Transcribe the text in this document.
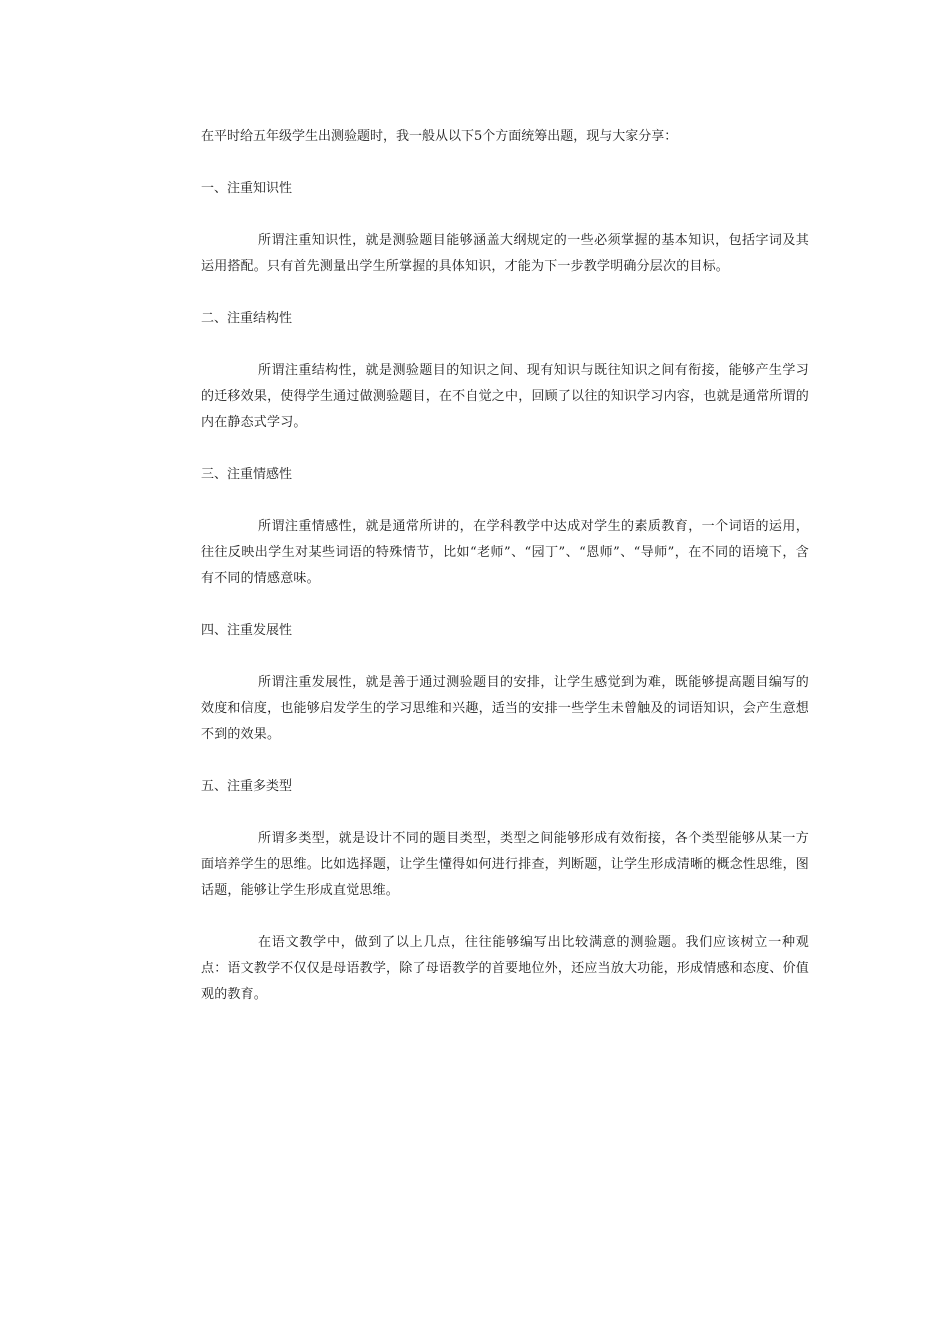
在平时给五年级学生出测验题时，我一般从以下5个方面统筹出题，现与大家分享：

一、注重知识性

所谓注重知识性，就是测验题目能够涵盖大纲规定的一些必须掌握的基本知识，包括字词及其运用搭配。只有首先测量出学生所掌握的具体知识，才能为下一步教学明确分层次的目标。

二、注重结构性

所谓注重结构性，就是测验题目的知识之间、现有知识与既往知识之间有衔接，能够产生学习的迁移效果，使得学生通过做测验题目，在不自觉之中，回顾了以往的知识学习内容，也就是通常所谓的内在静态式学习。

三、注重情感性

所谓注重情感性，就是通常所讲的，在学科教学中达成对学生的素质教育，一个词语的运用，往往反映出学生对某些词语的特殊情节，比如“老师”、“园丁”、“恩师”、“导师”，在不同的语境下，含有不同的情感意味。

四、注重发展性

所谓注重发展性，就是善于通过测验题目的安排，让学生感觉到为难，既能够提高题目编写的效度和信度，也能够启发学生的学习思维和兴趣，适当的安排一些学生未曾触及的词语知识，会产生意想不到的效果。

五、注重多类型

所谓多类型，就是设计不同的题目类型，类型之间能够形成有效衔接，各个类型能够从某一方面培养学生的思维。比如选择题，让学生懂得如何进行排查，判断题，让学生形成清晰的概念性思维，图话题，能够让学生形成直觉思维。

在语文教学中，做到了以上几点，往往能够编写出比较满意的测验题。我们应该树立一种观点：语文教学不仅仅是母语教学，除了母语教学的首要地位外，还应当放大功能，形成情感和态度、价值观的教育。
